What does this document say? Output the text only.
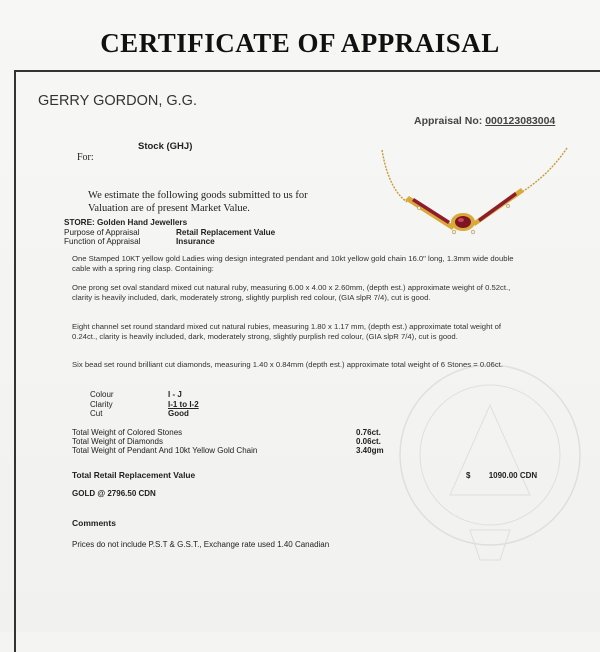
CERTIFICATE OF APPRAISAL
GERRY GORDON, G.G.
Appraisal No: 000123083004
For:
Stock (GHJ)
We estimate the following goods submitted to us for Valuation are of present Market Value.
STORE: Golden Hand Jewellers
Purpose of Appraisal	Retail Replacement Value
Function of Appraisal	Insurance
One Stamped 10KT yellow gold Ladies wing design integrated pendant and 10kt yellow gold chain 16.0" long, 1.3mm wide double cable with a spring ring clasp. Containing:
One prong set oval standard mixed cut natural ruby, measuring 6.00 x 4.00 x 2.60mm, (depth est.) approximate weight of 0.52ct., clarity is heavily included, dark, moderately strong, slightly purplish red colour, (GIA slpR 7/4), cut is good.
Eight channel set round standard mixed cut natural rubies, measuring 1.80 x 1.17 mm, (depth est.) approximate total weight of 0.24ct., clarity is heavily included, dark, moderately strong, slightly purplish red colour, (GIA slpR 7/4), cut is good.
Six bead set round brilliant cut diamonds, measuring 1.40 x 0.84mm (depth est.) approximate total weight of 6 Stones = 0.06ct.
Colour	I - J
Clarity	I-1 to I-2
Cut	Good
Total Weight of Colored Stones	0.76ct.
Total Weight of Diamonds	0.06ct.
Total Weight of Pendant And 10kt Yellow Gold Chain	3.40gm
Total Retail Replacement Value	$ 1090.00 CDN
GOLD @ 2796.50 CDN
Comments
Prices do not include P.S.T & G.S.T., Exchange rate used 1.40 Canadian
